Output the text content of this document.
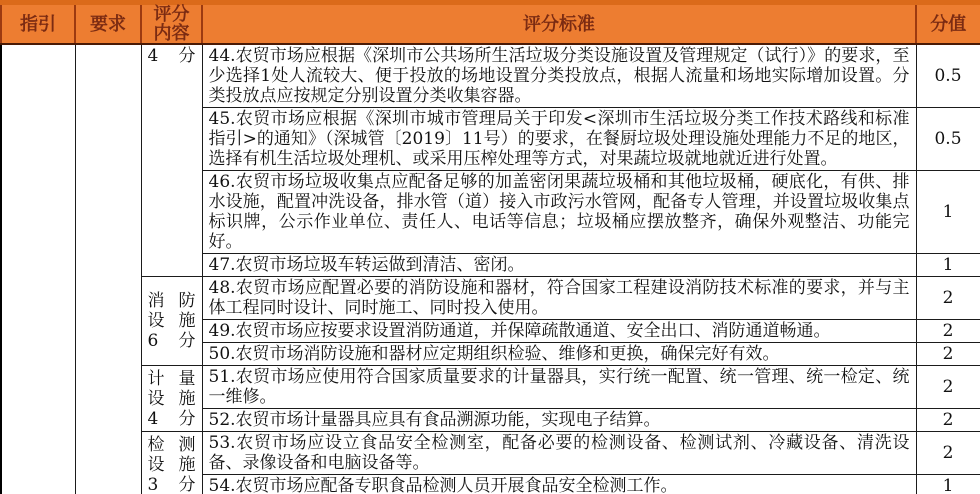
指引	要求	评分
内容	评分标准	分值

		4 分	44.农贸市场应根据《深圳市公共场所生活垃圾分类设施设置及管理规定（试行）》的要求，至少选择1处人流较大、便于投放的场地设置分类投放点，根据人流量和场地实际增加设置。分类投放点应按规定分别设置分类收集容器。	0.5
			45.农贸市场应根据《深圳市城市管理局关于印发<深圳市生活垃圾分类工作技术路线和标准指引>的通知》（深城管〔2019〕11号）的要求，在餐厨垃圾处理设施处理能力不足的地区，选择有机生活垃圾处理机、或采用压榨处理等方式，对果蔬垃圾就地就近进行处置。	0.5
			46.农贸市场垃圾收集点应配备足够的加盖密闭果蔬垃圾桶和其他垃圾桶，硬底化，有供、排水设施，配置冲洗设备，排水管（道）接入市政污水管网，配备专人管理，并设置垃圾收集点标识牌，公示作业单位、责任人、电话等信息；垃圾桶应摆放整齐，确保外观整洁、功能完好。	1
			47.农贸市场垃圾车转运做到清洁、密闭。	1

		消防
设施
6 分	48.农贸市场应配置必要的消防设施和器材，符合国家工程建设消防技术标准的要求，并与主体工程同时设计、同时施工、同时投入使用。	2
			49.农贸市场应按要求设置消防通道，并保障疏散通道、安全出口、消防通道畅通。	2
			50.农贸市场消防设施和器材应定期组织检验、维修和更换，确保完好有效。	2

		计量
设施
4 分	51.农贸市场应使用符合国家质量要求的计量器具，实行统一配置、统一管理、统一检定、统一维修。	2
			52.农贸市场计量器具应具有食品溯源功能，实现电子结算。	2

		检测
设施
3 分	53.农贸市场应设立食品安全检测室，配备必要的检测设备、检测试剂、冷藏设备、清洗设备、录像设备和电脑设备等。	2
			54.农贸市场应配备专职食品检测人员开展食品安全检测工作。	1
